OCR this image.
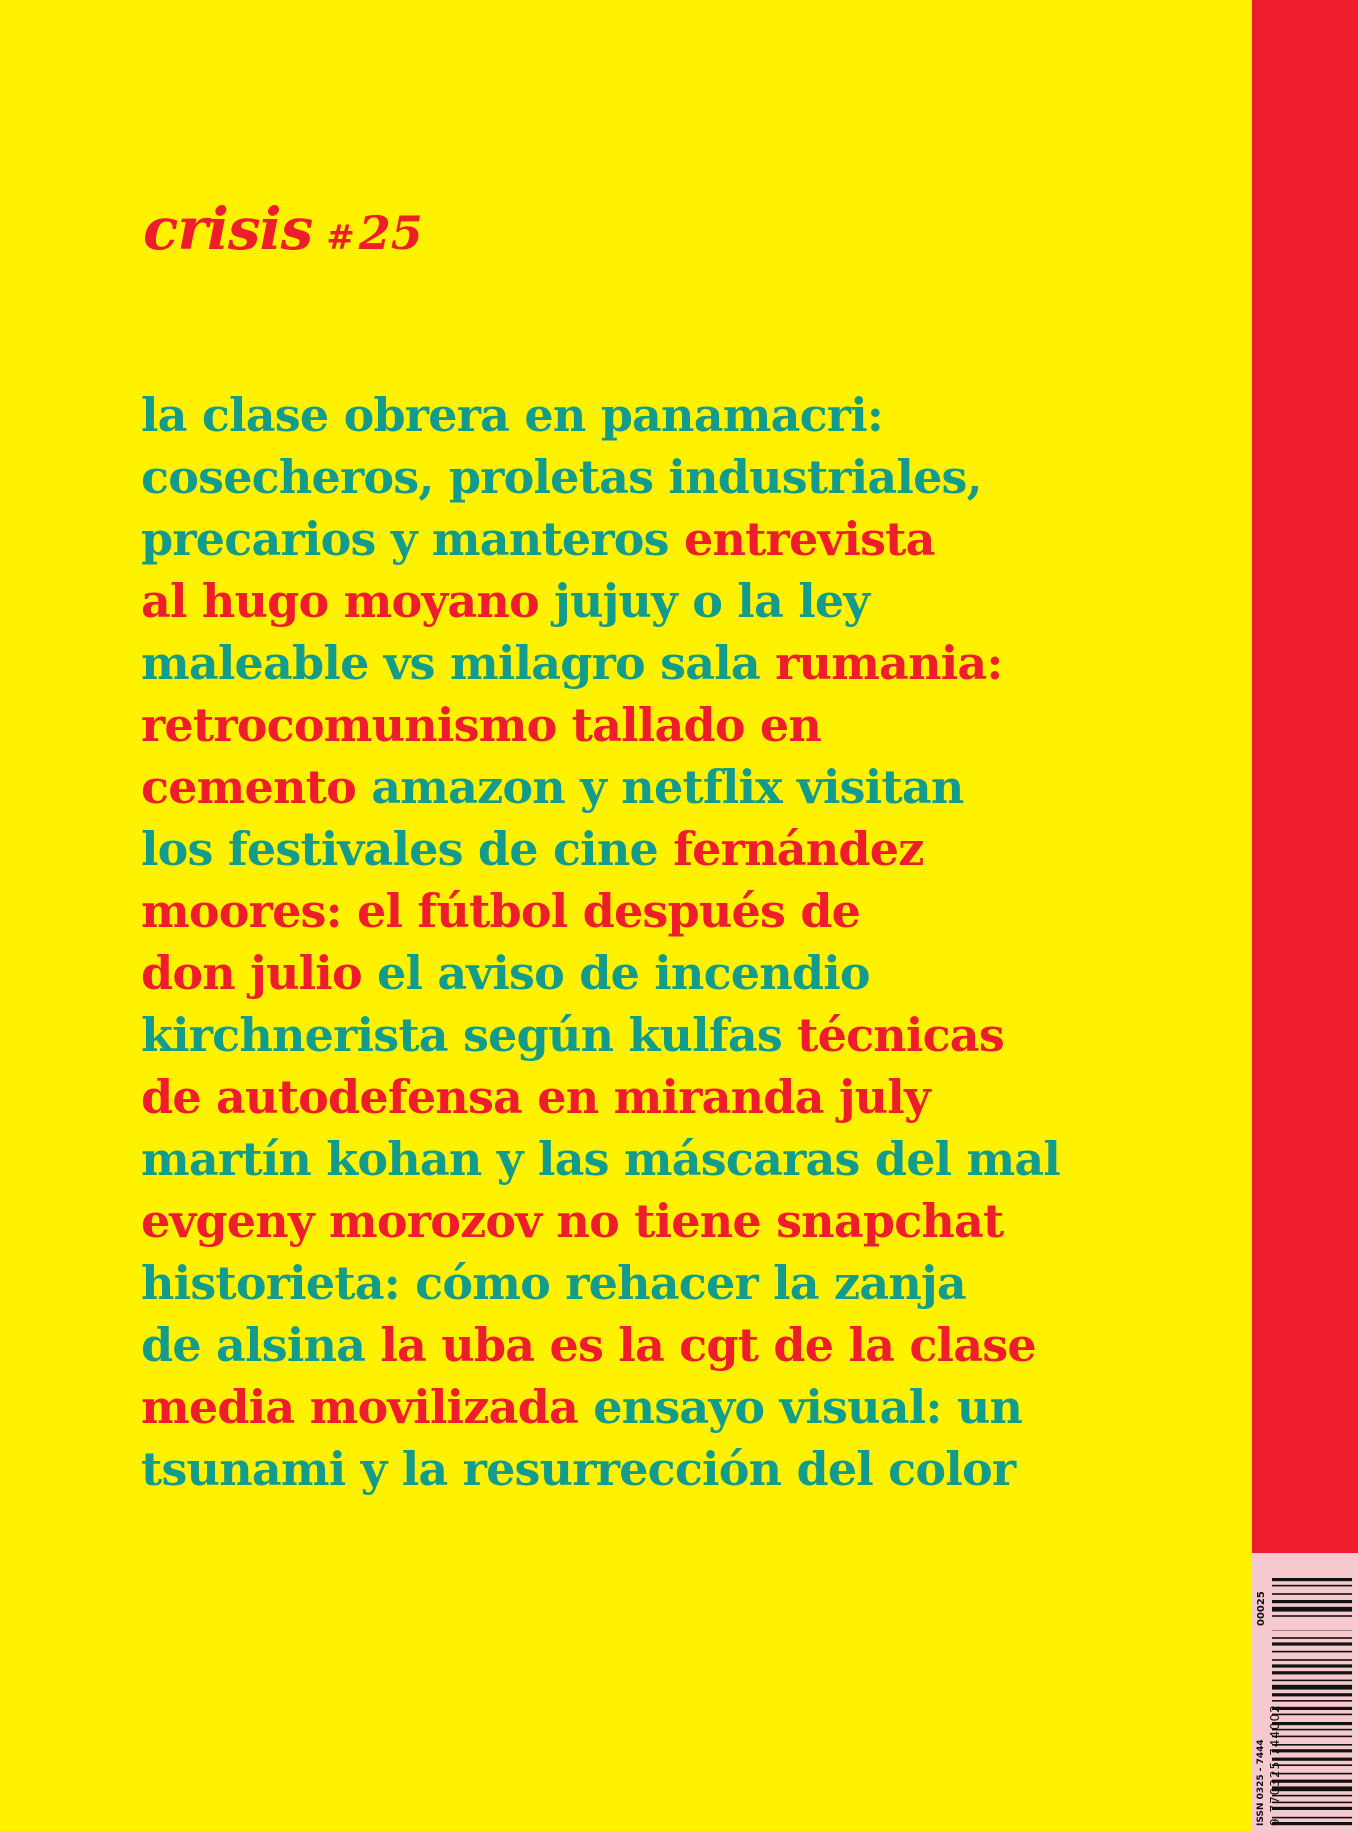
crisis #25
la clase obrera en panamacri:
cosecheros, proletas industriales,
precarios y manteros entrevista
al hugo moyano jujuy o la ley
maleable vs milagro sala rumania:
retrocomunismo tallado en
cemento amazon y netflix visitan
los festivales de cine fernández
moores: el fútbol después de
don julio el aviso de incendio
kirchnerista según kulfas técnicas
de autodefensa en miranda july
martín kohan y las máscaras del mal
evgeny morozov no tiene snapchat
historieta: cómo rehacer la zanja
de alsina la uba es la cgt de la clase
media movilizada ensayo visual: un
tsunami y la resurrección del color
ISSN 0325 - 7444 9 770325 744002
00025
